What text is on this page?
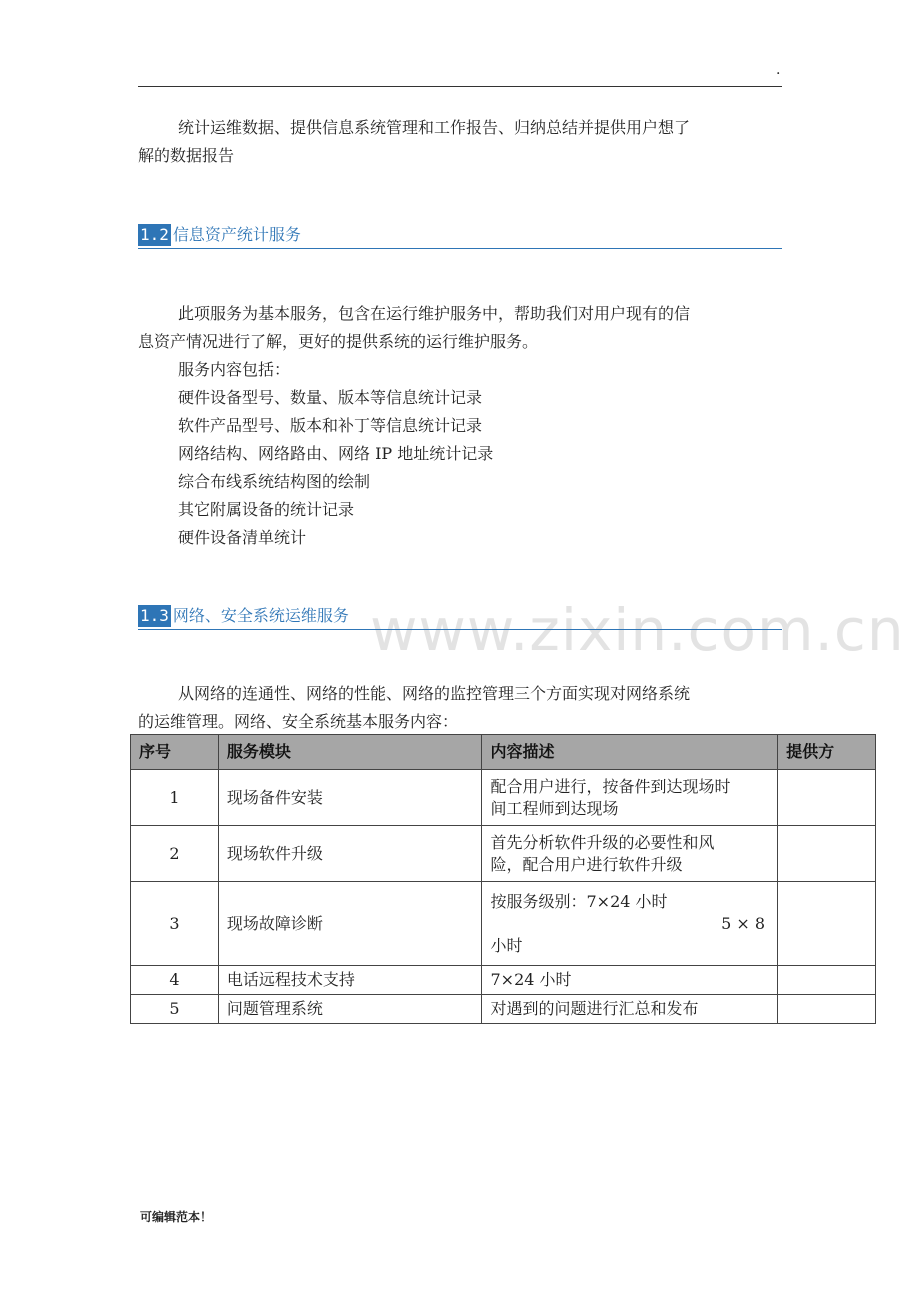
.
统计运维数据、提供信息系统管理和工作报告、归纳总结并提供用户想了
解的数据报告
1.2 信息资产统计服务
此项服务为基本服务，包含在运行维护服务中，帮助我们对用户现有的信
息资产情况进行了解，更好的提供系统的运行维护服务。
服务内容包括：
硬件设备型号、数量、版本等信息统计记录
软件产品型号、版本和补丁等信息统计记录
网络结构、网络路由、网络 IP 地址统计记录
综合布线系统结构图的绘制
其它附属设备的统计记录
硬件设备清单统计
www.zixin.com.cn
1.3 网络、安全系统运维服务
从网络的连通性、网络的性能、网络的监控管理三个方面实现对网络系统
的运维管理。网络、安全系统基本服务内容：
序号	服务模块	内容描述	提供方
1	现场备件安装	配合用户进行，按备件到达现场时
间工程师到达现场	

2	现场软件升级	首先分析软件升级的必要性和风
险，配合用户进行软件升级	

3	现场故障诊断	按服务级别：7×24 小时
5 × 8
小时	

4	电话远程技术支持	7×24 小时	

5	问题管理系统	对遇到的问题进行汇总和发布	

可编辑范本！
